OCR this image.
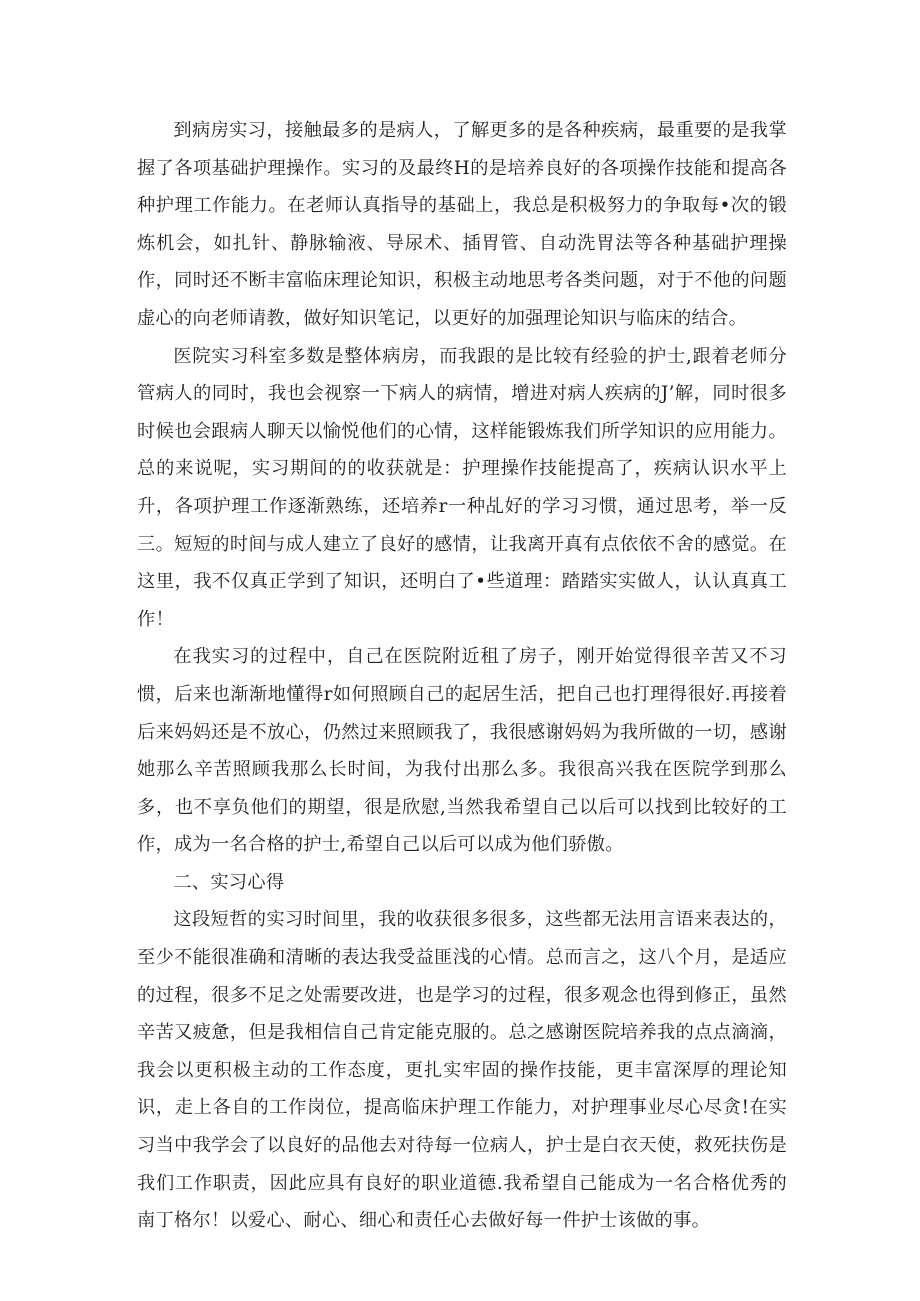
到病房实习，接触最多的是病人，了解更多的是各种疾病，最重要的是我掌握了各项基础护理操作。实习的及最终H的是培养良好的各项操作技能和提高各种护理工作能力。在老师认真指导的基础上，我总是积极努力的争取每•次的锻炼机会，如扎针、静脉输液、导尿术、插胃管、自动洗胃法等各种基础护理操作，同时还不断丰富临床理论知识，积极主动地思考各类问题，对于不他的问题虚心的向老师请教，做好知识笔记，以更好的加强理论知识与临床的结合。

医院实习科室多数是整体病房，而我跟的是比较有经验的护士,跟着老师分管病人的同时，我也会视察一下病人的病情，增进对病人疾病的J’解，同时很多时候也会跟病人聊天以愉悦他们的心情，这样能锻炼我们所学知识的应用能力。总的来说呢，实习期间的的收获就是：护理操作技能提高了，疾病认识水平上升，各项护理工作逐渐熟练，还培养r一种乩好的学习习惯，通过思考，举一反三。短短的时间与成人建立了良好的感情，让我离开真有点依依不舍的感觉。在这里，我不仅真正学到了知识，还明白了•些道理：踏踏实实做人，认认真真工作！

在我实习的过程中，自己在医院附近租了房子，刚开始觉得很辛苦又不习惯，后来也渐渐地懂得r如何照顾自己的起居生活，把自己也打理得很好.再接着后来妈妈还是不放心，仍然过来照顾我了，我很感谢妈妈为我所做的一切，感谢她那么辛苦照顾我那么长时间，为我付出那么多。我很高兴我在医院学到那么多，也不享负他们的期望，很是欣慰,当然我希望自己以后可以找到比较好的工作，成为一名合格的护士,希望自己以后可以成为他们骄傲。

二、实习心得

这段短哲的实习时间里，我的收获很多很多，这些都无法用言语来表达的，至少不能很准确和清晰的表达我受益匪浅的心情。总而言之，这八个月，是适应的过程，很多不足之处需要改进，也是学习的过程，很多观念也得到修正，虽然辛苦又疲惫，但是我相信自己肯定能克服的。总之感谢医院培养我的点点滴滴，我会以更积极主动的工作态度，更扎实牢固的操作技能，更丰富深厚的理论知识，走上各自的工作岗位，提高临床护理工作能力，对护理事业尽心尽贪!在实习当中我学会了以良好的品他去对待每一位病人，护士是白衣天使，救死扶伤是我们工作职责，因此应具有良好的职业道德.我希望自己能成为一名合格优秀的南丁格尔！以爱心、耐心、细心和责任心去做好每一件护士该做的事。
